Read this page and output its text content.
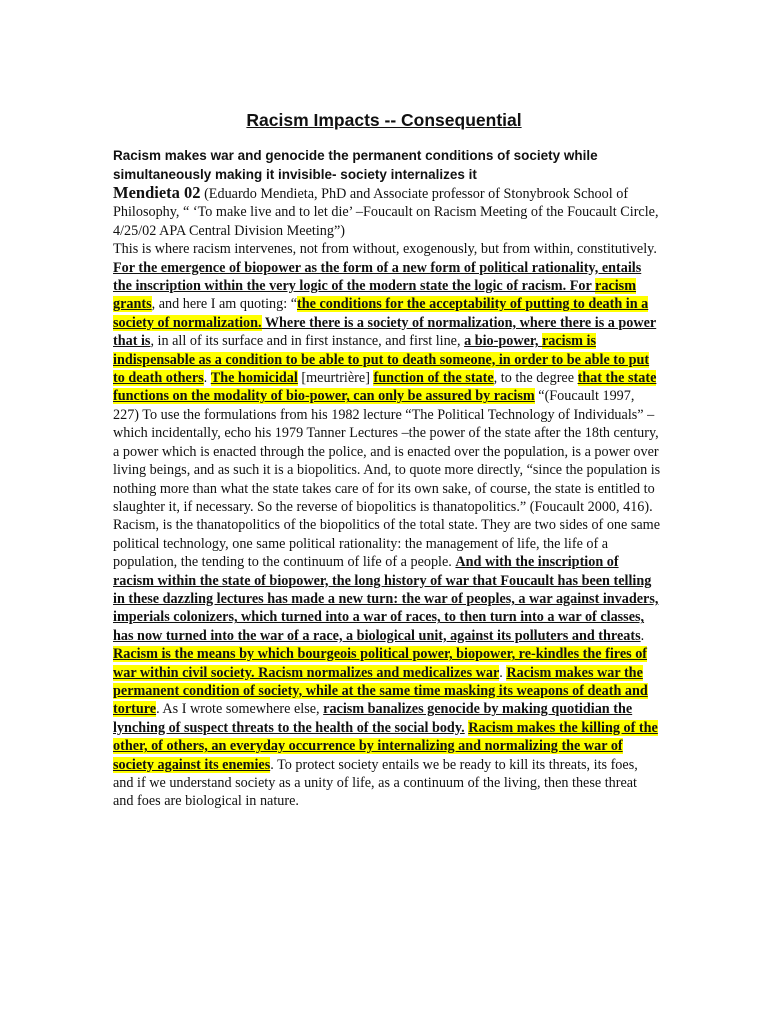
Racism Impacts -- Consequential
Racism makes war and genocide the permanent conditions of society while simultaneously making it invisible- society internalizes it

Mendieta 02 (Eduardo Mendieta, PhD and Associate professor of Stonybrook School of Philosophy, “ ‘To make live and to let die’ –Foucault on Racism Meeting of the Foucault Circle, 4/25/02 APA Central Division Meeting”)

This is where racism intervenes, not from without, exogenously, but from within, constitutively. For the emergence of biopower as the form of a new form of political rationality, entails the inscription within the very logic of the modern state the logic of racism. For racism grants, and here I am quoting: “the conditions for the acceptability of putting to death in a society of normalization. Where there is a society of normalization, where there is a power that is, in all of its surface and in first instance, and first line, a bio-power, racism is indispensable as a condition to be able to put to death someone, in order to be able to put to death others. The homicidal [meurtrière] function of the state, to the degree that the state functions on the modality of bio-power, can only be assured by racism “(Foucault 1997, 227) To use the formulations from his 1982 lecture “The Political Technology of Individuals” –which incidentally, echo his 1979 Tanner Lectures –the power of the state after the 18th century, a power which is enacted through the police, and is enacted over the population, is a power over living beings, and as such it is a biopolitics. And, to quote more directly, “since the population is nothing more than what the state takes care of for its own sake, of course, the state is entitled to slaughter it, if necessary. So the reverse of biopolitics is thanatopolitics.” (Foucault 2000, 416). Racism, is the thanatopolitics of the biopolitics of the total state. They are two sides of one same political technology, one same political rationality: the management of life, the life of a population, the tending to the continuum of life of a people. And with the inscription of racism within the state of biopower, the long history of war that Foucault has been telling in these dazzling lectures has made a new turn: the war of peoples, a war against invaders, imperials colonizers, which turned into a war of races, to then turn into a war of classes, has now turned into the war of a race, a biological unit, against its polluters and threats. Racism is the means by which bourgeois political power, biopower, re-kindles the fires of war within civil society. Racism normalizes and medicalizes war. Racism makes war the permanent condition of society, while at the same time masking its weapons of death and torture. As I wrote somewhere else, racism banalizes genocide by making quotidian the lynching of suspect threats to the health of the social body. Racism makes the killing of the other, of others, an everyday occurrence by internalizing and normalizing the war of society against its enemies. To protect society entails we be ready to kill its threats, its foes, and if we understand society as a unity of life, as a continuum of the living, then these threat and foes are biological in nature.
